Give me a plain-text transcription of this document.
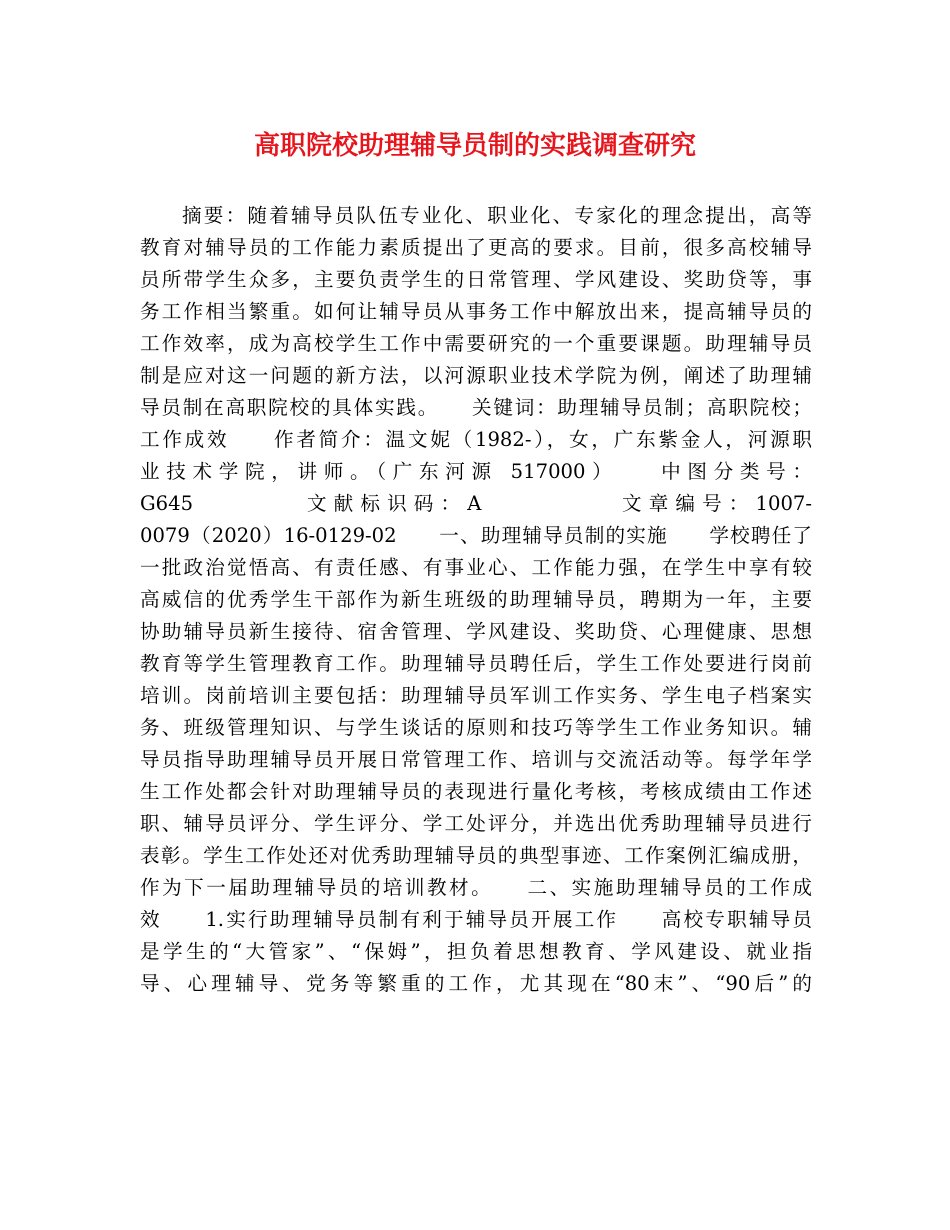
高职院校助理辅导员制的实践调查研究
摘要：随着辅导员队伍专业化、职业化、专家化的理念提出，高等
教育对辅导员的工作能力素质提出了更高的要求。目前，很多高校辅导
员所带学生众多，主要负责学生的日常管理、学风建设、奖助贷等，事
务工作相当繁重。如何让辅导员从事务工作中解放出来，提高辅导员的
工作效率，成为高校学生工作中需要研究的一个重要课题。助理辅导员
制是应对这一问题的新方法，以河源职业技术学院为例，阐述了助理辅
导员制在高职院校的具体实践。　　关键词：助理辅导员制；高职院校；
工作成效　　作者简介：温文妮（1982-），女，广东紫金人，河源职
业技术学院，讲师。（广东河源 517000）　　中图分类号：
G645　　　　文献标识码：A　　　　　文章编号：1007-
0079（2020）16-0129-02　　一、助理辅导员制的实施　　学校聘任了
一批政治觉悟高、有责任感、有事业心、工作能力强，在学生中享有较
高威信的优秀学生干部作为新生班级的助理辅导员，聘期为一年，主要
协助辅导员新生接待、宿舍管理、学风建设、奖助贷、心理健康、思想
教育等学生管理教育工作。助理辅导员聘任后，学生工作处要进行岗前
培训。岗前培训主要包括：助理辅导员军训工作实务、学生电子档案实
务、班级管理知识、与学生谈话的原则和技巧等学生工作业务知识。辅
导员指导助理辅导员开展日常管理工作、培训与交流活动等。每学年学
生工作处都会针对助理辅导员的表现进行量化考核，考核成绩由工作述
职、辅导员评分、学生评分、学工处评分，并选出优秀助理辅导员进行
表彰。学生工作处还对优秀助理辅导员的典型事迹、工作案例汇编成册，
作为下一届助理辅导员的培训教材。　　二、实施助理辅导员的工作成
效　　1.实行助理辅导员制有利于辅导员开展工作　　高校专职辅导员
是学生的“大管家”、“保姆”，担负着思想教育、学风建设、就业指
导、心理辅导、党务等繁重的工作，尤其现在“80末”、“90后”的
